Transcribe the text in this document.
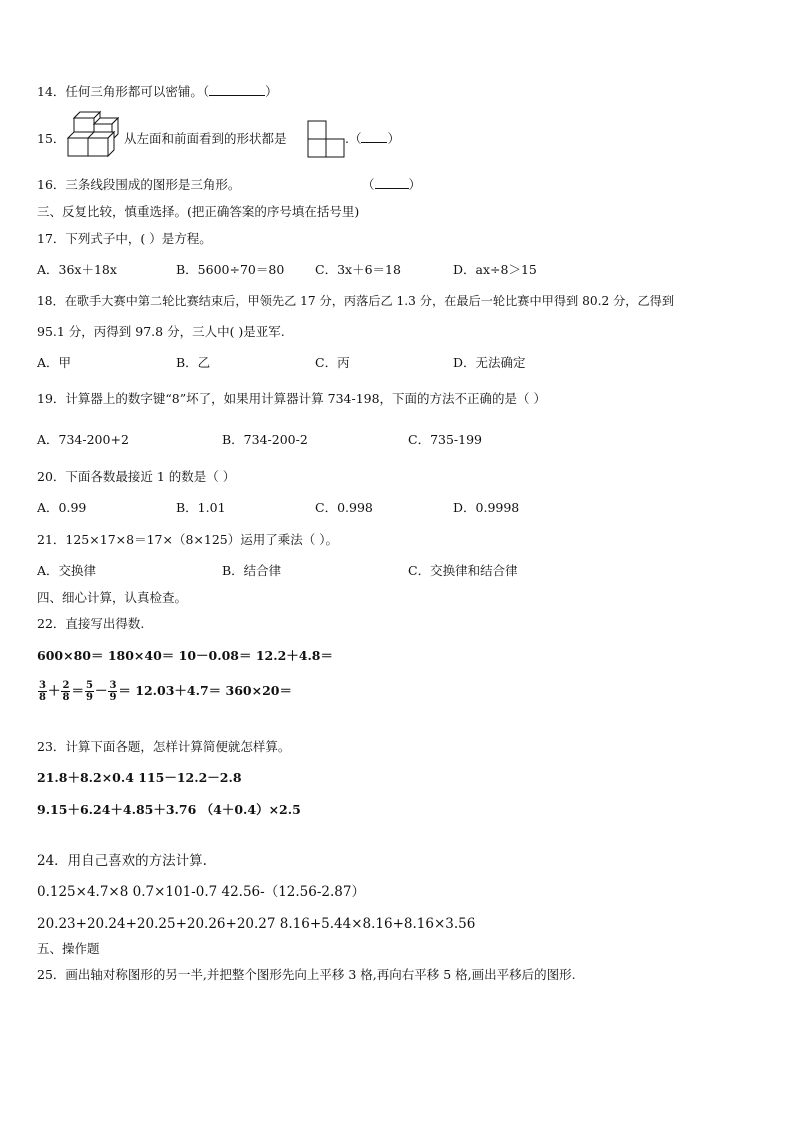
14．任何三角形都可以密铺。（	）
15．	从左面和前面看到的形状都是	.（ ）
16．三条线段围成的图形是三角形。	（	）
三、反复比较，慎重选择。(把正确答案的序号填在括号里)
17．下列式子中，( ）是方程。
A．36x＋18x	B．5600÷70＝80 C．3x＋6＝18	D．ax÷8＞15
18．在歌手大赛中第二轮比赛结束后，甲领先乙 17 分，丙落后乙 1.3 分，在最后一轮比赛中甲得到 80.2 分，乙得到
95.1 分，丙得到 97.8 分，三人中( )是亚军.
A．甲	B．乙	C．丙	D．无法确定
19．计算器上的数字键“8”坏了，如果用计算器计算 734-198，下面的方法不正确的是（ ）
A．734-200+2	B．734-200-2	C．735-199
20．下面各数最接近 1 的数是（ ）
A．0.99	B．1.01	C．0.998	D．0.9998
21．125×17×8＝17×（8×125）运用了乘法（ ）。
A．交换律	B．结合律	C．交换律和结合律
四、细心计算，认真检查。
22．直接写出得数.
600×80＝ 180×40＝ 10－0.08＝ 12.2＋4.8＝
$\frac{3}{8} + \frac{2}{8} = \frac{5}{9} - \frac{3}{9} = 12.03+4.7= 360\times 20=$
23．计算下面各题，怎样计算简便就怎样算。
21.8＋8.2×0.4 115－12.2－2.8
9.15＋6.24＋4.85＋3.76 （4＋0.4）×2.5
24．用自己喜欢的方法计算.
0.125×4.7×8 0.7×101-0.7 42.56-（12.56-2.87）
20.23+20.24+20.25+20.26+20.27 8.16+5.44×8.16+8.16×3.56
五、操作题
25．画出轴对称图形的另一半,并把整个图形先向上平移 3 格,再向右平移 5 格,画出平移后的图形.
